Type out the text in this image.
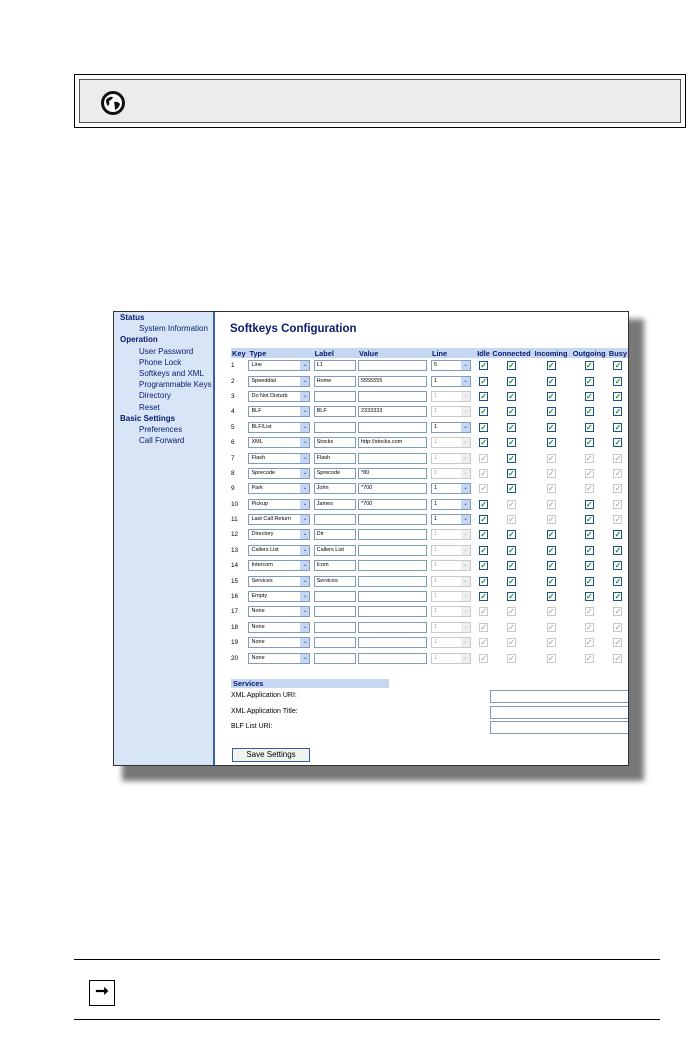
Status
System Information
Operation
User Password
Phone Lock
Softkeys and XML
Programmable Keys
Directory
Reset
Basic Settings
Preferences
Call Forward
Softkeys Configuration
Key	Type	Label	Value	Line	Idle	Connected	Incoming	Outgoing	Busy
1	Line ⌄	L1		5 ⌄	✓	✓	✓	✓	✓
2	Speeddial ⌄	Home	5555555	1 ⌄	✓	✓	✓	✓	✓
3	Do Not Disturb ⌄			1 ⌄	✓	✓	✓	✓	✓
4	BLF ⌄	BLF	2333333	1 ⌄	✓	✓	✓	✓	✓
5	BLF/List ⌄			1 ⌄	✓	✓	✓	✓	✓
6	XML ⌄	Stocks	http://stocks.com	1 ⌄	✓	✓	✓	✓	✓
7	Flash ⌄	Flash		1 ⌄	✓	✓	✓	✓	✓
8	Sprecode ⌄	Sprecode	*80	1 ⌄	✓	✓	✓	✓	✓
9	Park ⌄	John	*700	1 ⌄	✓	✓	✓	✓	✓
10	Pickup ⌄	James	*700	1 ⌄	✓	✓	✓	✓	✓
11	Last Call Return ⌄			1 ⌄	✓	✓	✓	✓	✓
12	Directory ⌄	Dir		1 ⌄	✓	✓	✓	✓	✓
13	Callers List ⌄	Callers List		1 ⌄	✓	✓	✓	✓	✓
14	Intercom ⌄	Icom		1 ⌄	✓	✓	✓	✓	✓
15	Services ⌄	Services		1 ⌄	✓	✓	✓	✓	✓
16	Empty ⌄			1 ⌄	✓	✓	✓	✓	✓
17	None ⌄			1 ⌄	✓	✓	✓	✓	✓
18	None ⌄			1 ⌄	✓	✓	✓	✓	✓
19	None ⌄			1 ⌄	✓	✓	✓	✓	✓
20	None ⌄			1 ⌄	✓	✓	✓	✓	✓
Services
XML Application URI:
XML Application Title:
BLF List URI:
Save Settings
➞
